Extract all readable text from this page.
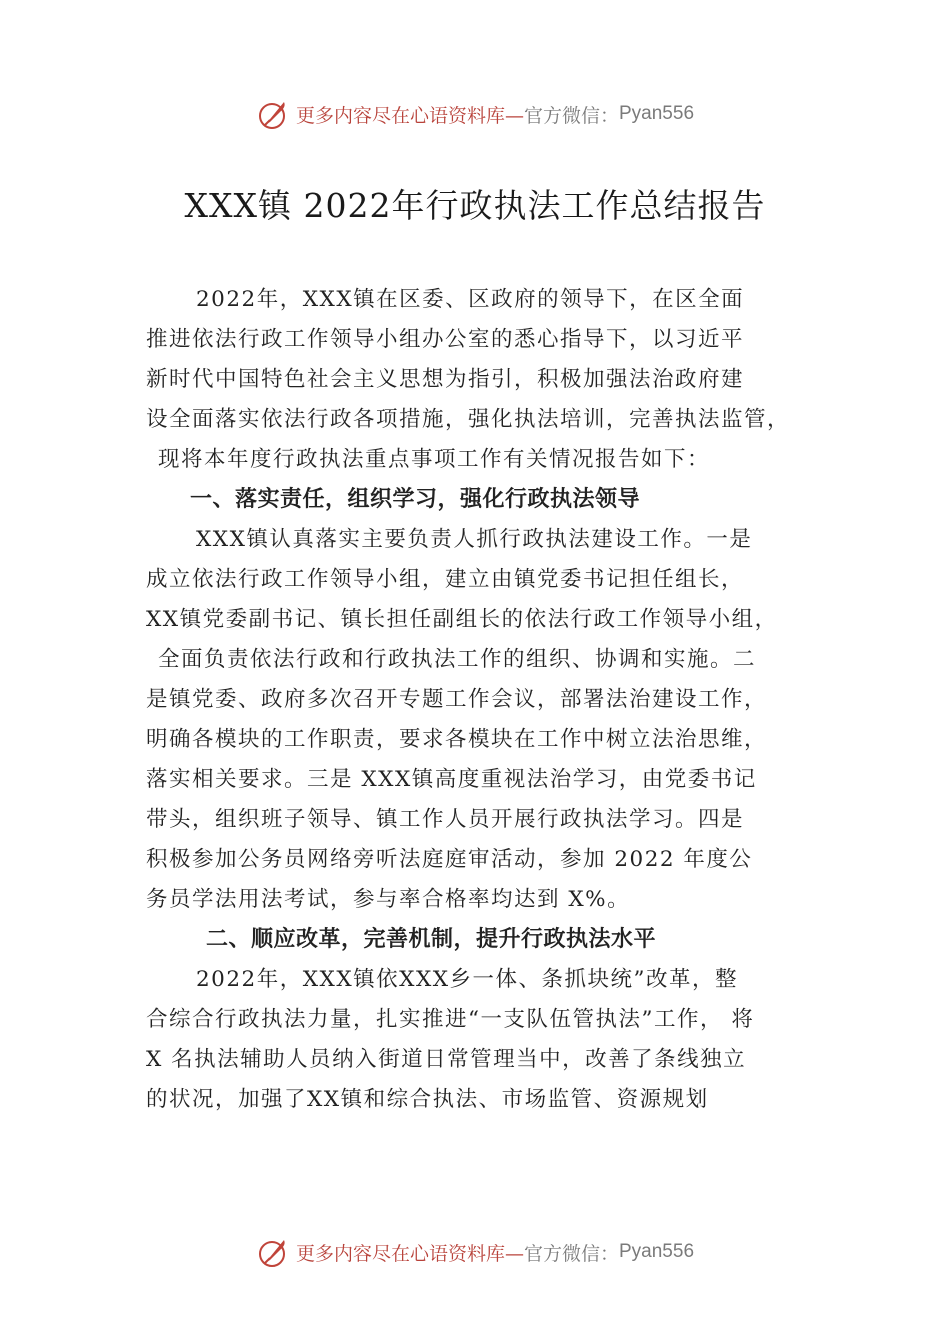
更多内容尽在心语资料库— 官方微信： Pyan556
XXX镇 2022年行政执法工作总结报告
2022年，XXX镇在区委、区政府的领导下，在区全面
推进依法行政工作领导小组办公室的悉心指导下，以习近平
新时代中国特色社会主义思想为指引，积极加强法治政府建
设全面落实依法行政各项措施，强化执法培训，完善执法监管，
现将本年度行政执法重点事项工作有关情况报告如下：
一、落实责任，组织学习，强化行政执法领导
XXX镇认真落实主要负责人抓行政执法建设工作。一是
成立依法行政工作领导小组，建立由镇党委书记担任组长，
XX镇党委副书记、镇长担任副组长的依法行政工作领导小组，
全面负责依法行政和行政执法工作的组织、协调和实施。二
是镇党委、政府多次召开专题工作会议，部署法治建设工作，
明确各模块的工作职责，要求各模块在工作中树立法治思维，
落实相关要求。三是 XXX镇高度重视法治学习，由党委书记
带头，组织班子领导、镇工作人员开展行政执法学习。四是
积极参加公务员网络旁听法庭庭审活动，参加 2022 年度公
务员学法用法考试，参与率合格率均达到 X%。
二、顺应改革，完善机制，提升行政执法水平
2022年，XXX镇依XXX乡一体、条抓块统”改革，整
合综合行政执法力量，扎实推进“一支队伍管执法”工作， 将
X 名执法辅助人员纳入街道日常管理当中，改善了条线独立
的状况，加强了XX镇和综合执法、市场监管、资源规划
更多内容尽在心语资料库— 官方微信： Pyan556
